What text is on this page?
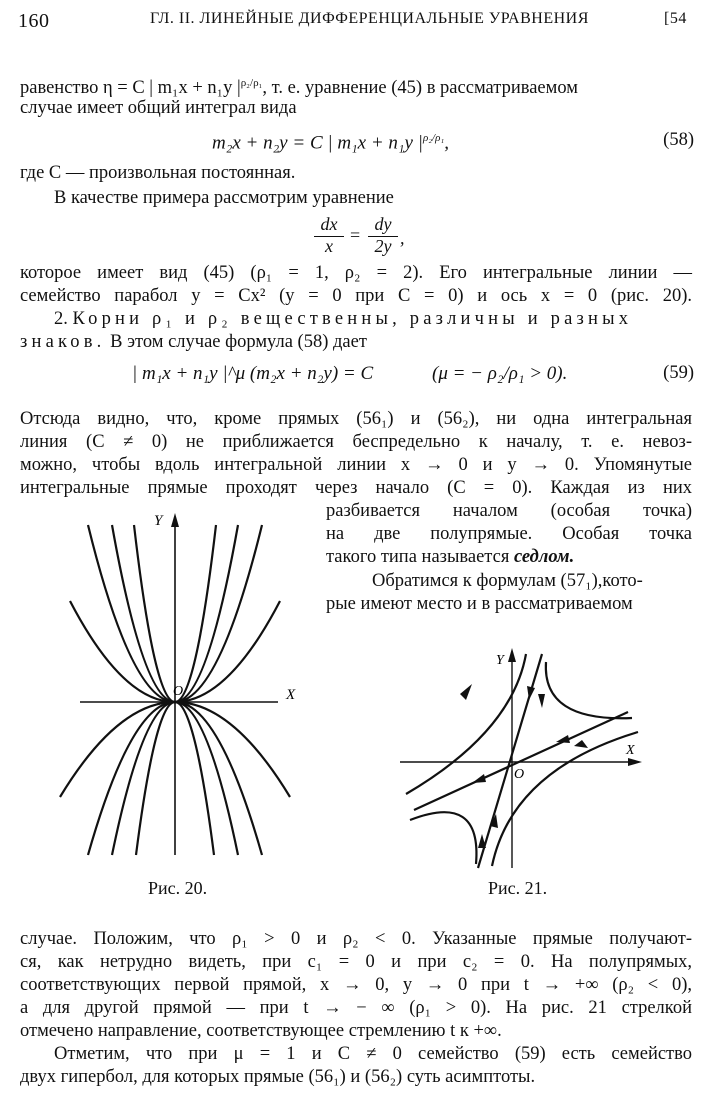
160	ГЛ. II. ЛИНЕЙНЫЕ ДИФФЕРЕНЦИАЛЬНЫЕ УРАВНЕНИЯ	[54
равенство η = C | m₁x + n₁y $|^{\rho_2/\rho_1}$, т. е. уравнение (45) в рассматриваемом
случае имеет общий интеграл вида
m₂x + n₂y = C | m₁x + n₁y $|^{\rho_2/\rho_1}$,	(58)
где C — произвольная постоянная.
В качестве примера рассмотрим уравнение
dx
x
=
dy
2y ,
которое имеет вид (45) (ρ₁ = 1, ρ₂ = 2). Его интегральные линии —
семейство парабол y = Cx² (y = 0 при C = 0) и ось x = 0 (рис. 20).
2. Корни ρ₁ и ρ₂ вещественны, различны и разных
знаков. В этом случае формула (58) дает
| m₁x + n₁y |^μ (m₂x + n₂y) = C	(μ = − ρ₂/ρ₁ > 0).	(59)
Отсюда видно, что, кроме прямых (56₁) и (56₂), ни одна интегральная
линия (C ≠ 0) не приближается беспредельно к началу, т. е. невоз-
можно, чтобы вдоль интегральной линии x → 0 и y → 0. Упомянутые
интегральные прямые проходят через начало (C = 0). Каждая из них
разбивается началом (особая точка)
на две полупрямые. Особая точка
такого типа называется седлом.
Обратимся к формулам (57₁),кото-
рые имеют место и в рассматриваемом
Y
X
O
Рис. 20.
Y
X
O
Рис. 21.
случае. Положим, что ρ₁ > 0 и ρ₂ < 0. Указанные прямые получают-
ся, как нетрудно видеть, при c₁ = 0 и при c₂ = 0. На полупрямых,
соответствующих первой прямой, x → 0, y → 0 при t → +∞ (ρ₂ < 0),
а для другой прямой — при t → − ∞ (ρ₁ > 0). На рис. 21 стрелкой
отмечено направление, соответствующее стремлению t к +∞.
Отметим, что при μ = 1 и C ≠ 0 семейство (59) есть семейство
двух гипербол, для которых прямые (56₁) и (56₂) суть асимптоты.
